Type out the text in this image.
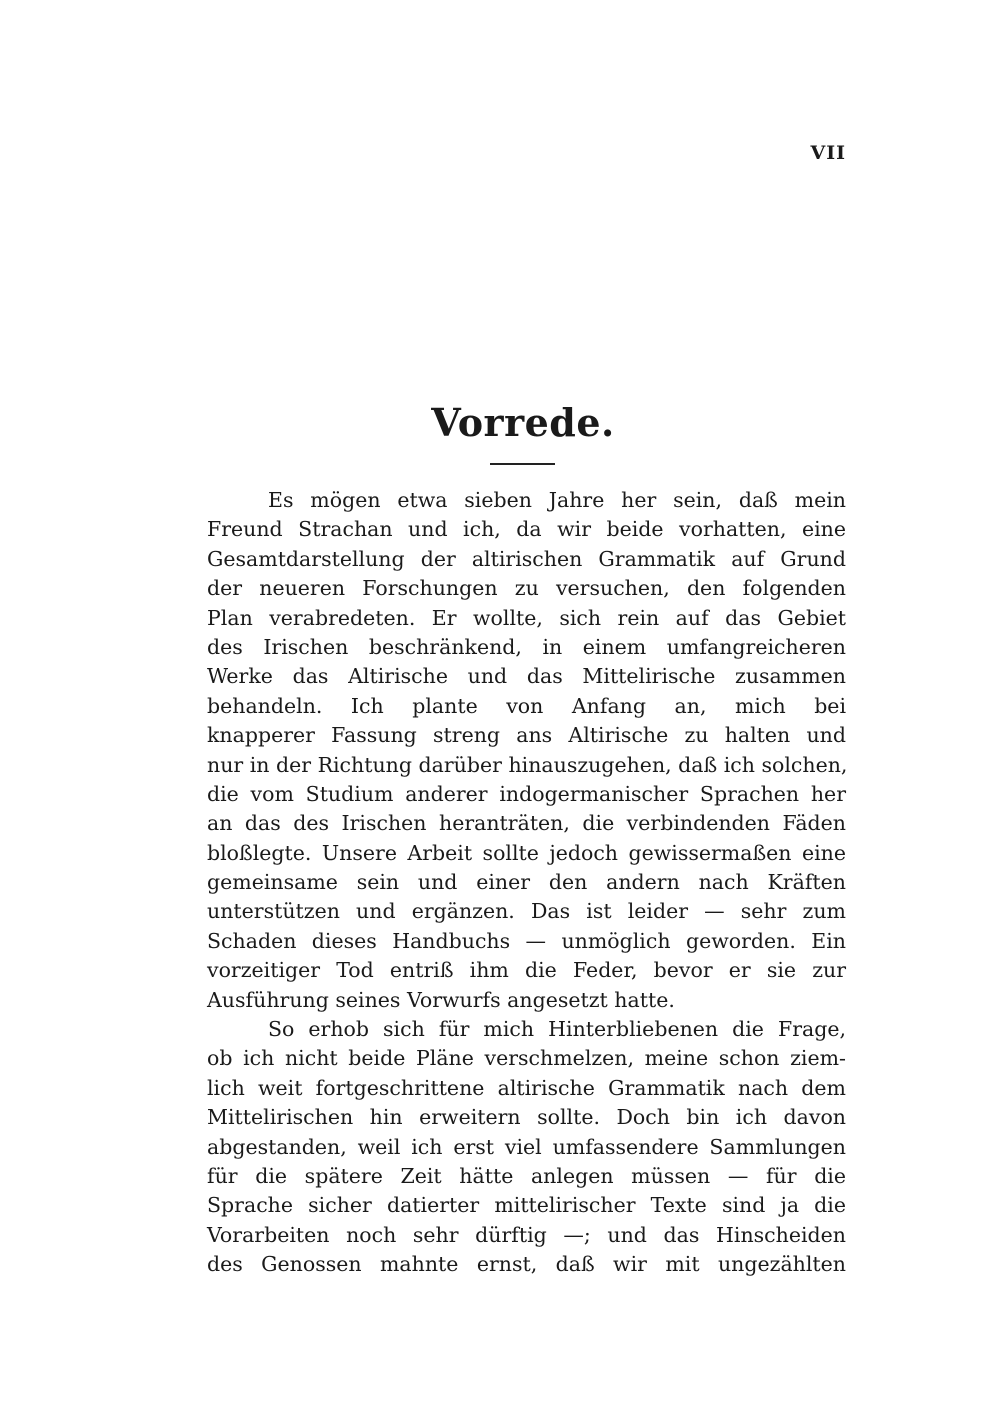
VII
Vorrede.
Es mögen etwa sieben Jahre her sein, daß mein
Freund Strachan und ich, da wir beide vorhatten, eine
Gesamtdarstellung der altirischen Grammatik auf Grund
der neueren Forschungen zu versuchen, den folgenden
Plan verabredeten. Er wollte, sich rein auf das Gebiet
des Irischen beschränkend, in einem umfangreicheren
Werke das Altirische und das Mittelirische zusammen
behandeln. Ich plante von Anfang an, mich bei
knapperer Fassung streng ans Altirische zu halten und
nur in der Richtung darüber hinauszugehen, daß ich solchen,
die vom Studium anderer indogermanischer Sprachen her
an das des Irischen heranträten, die verbindenden Fäden
bloßlegte. Unsere Arbeit sollte jedoch gewissermaßen eine
gemeinsame sein und einer den andern nach Kräften
unterstützen und ergänzen. Das ist leider — sehr zum
Schaden dieses Handbuchs — unmöglich geworden. Ein
vorzeitiger Tod entriß ihm die Feder, bevor er sie zur
Ausführung seines Vorwurfs angesetzt hatte.
So erhob sich für mich Hinterbliebenen die Frage,
ob ich nicht beide Pläne verschmelzen, meine schon ziem-
lich weit fortgeschrittene altirische Grammatik nach dem
Mittelirischen hin erweitern sollte. Doch bin ich davon
abgestanden, weil ich erst viel umfassendere Sammlungen
für die spätere Zeit hätte anlegen müssen — für die
Sprache sicher datierter mittelirischer Texte sind ja die
Vorarbeiten noch sehr dürftig —; und das Hinscheiden
des Genossen mahnte ernst, daß wir mit ungezählten
